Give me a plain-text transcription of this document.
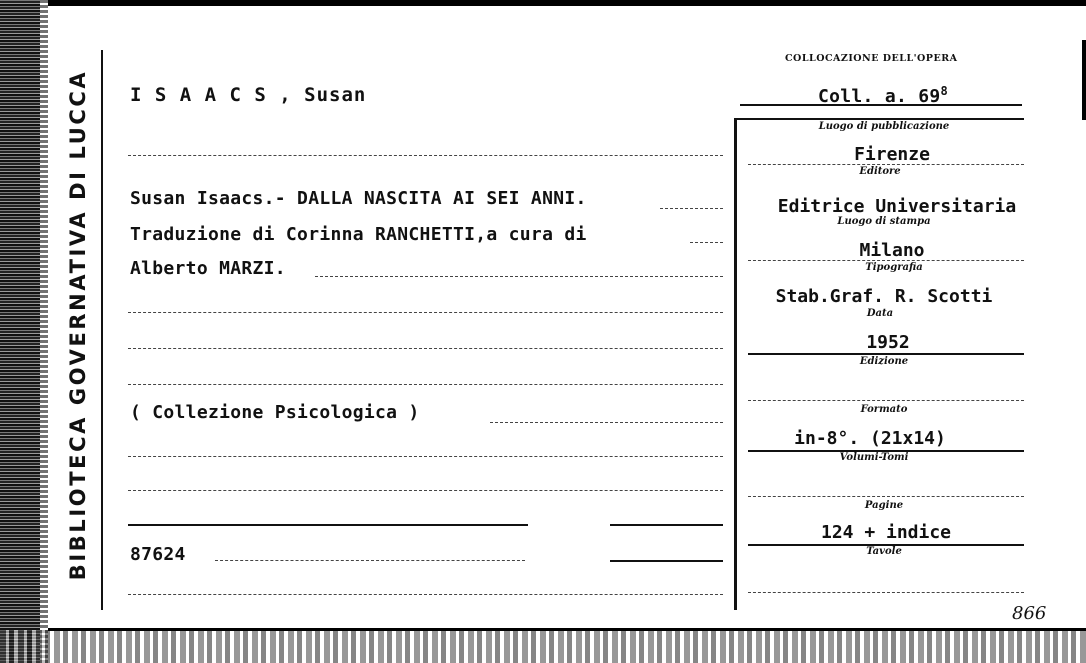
BIBLIOTECA GOVERNATIVA DI LUCCA I S A A C S , Susan
Susan Isaacs.- DALLA NASCITA AI SEI ANNI.
Traduzione di Corinna RANCHETTI,a cura di
Alberto MARZI.
( Collezione Psicologica )
87624
COLLOCAZIONE DELL'OPERA
Coll. a. $69^8$
Luogo di pubblicazione
Firenze
Editore
Editrice Universitaria
Luogo di stampa
Milano
Tipografia
Stab.Graf. R. Scotti
Data
1952
Edizione
Formato
in-8°. (21x14)
Volumi-Tomi
Pagine
124 + indice
Tavole
866
